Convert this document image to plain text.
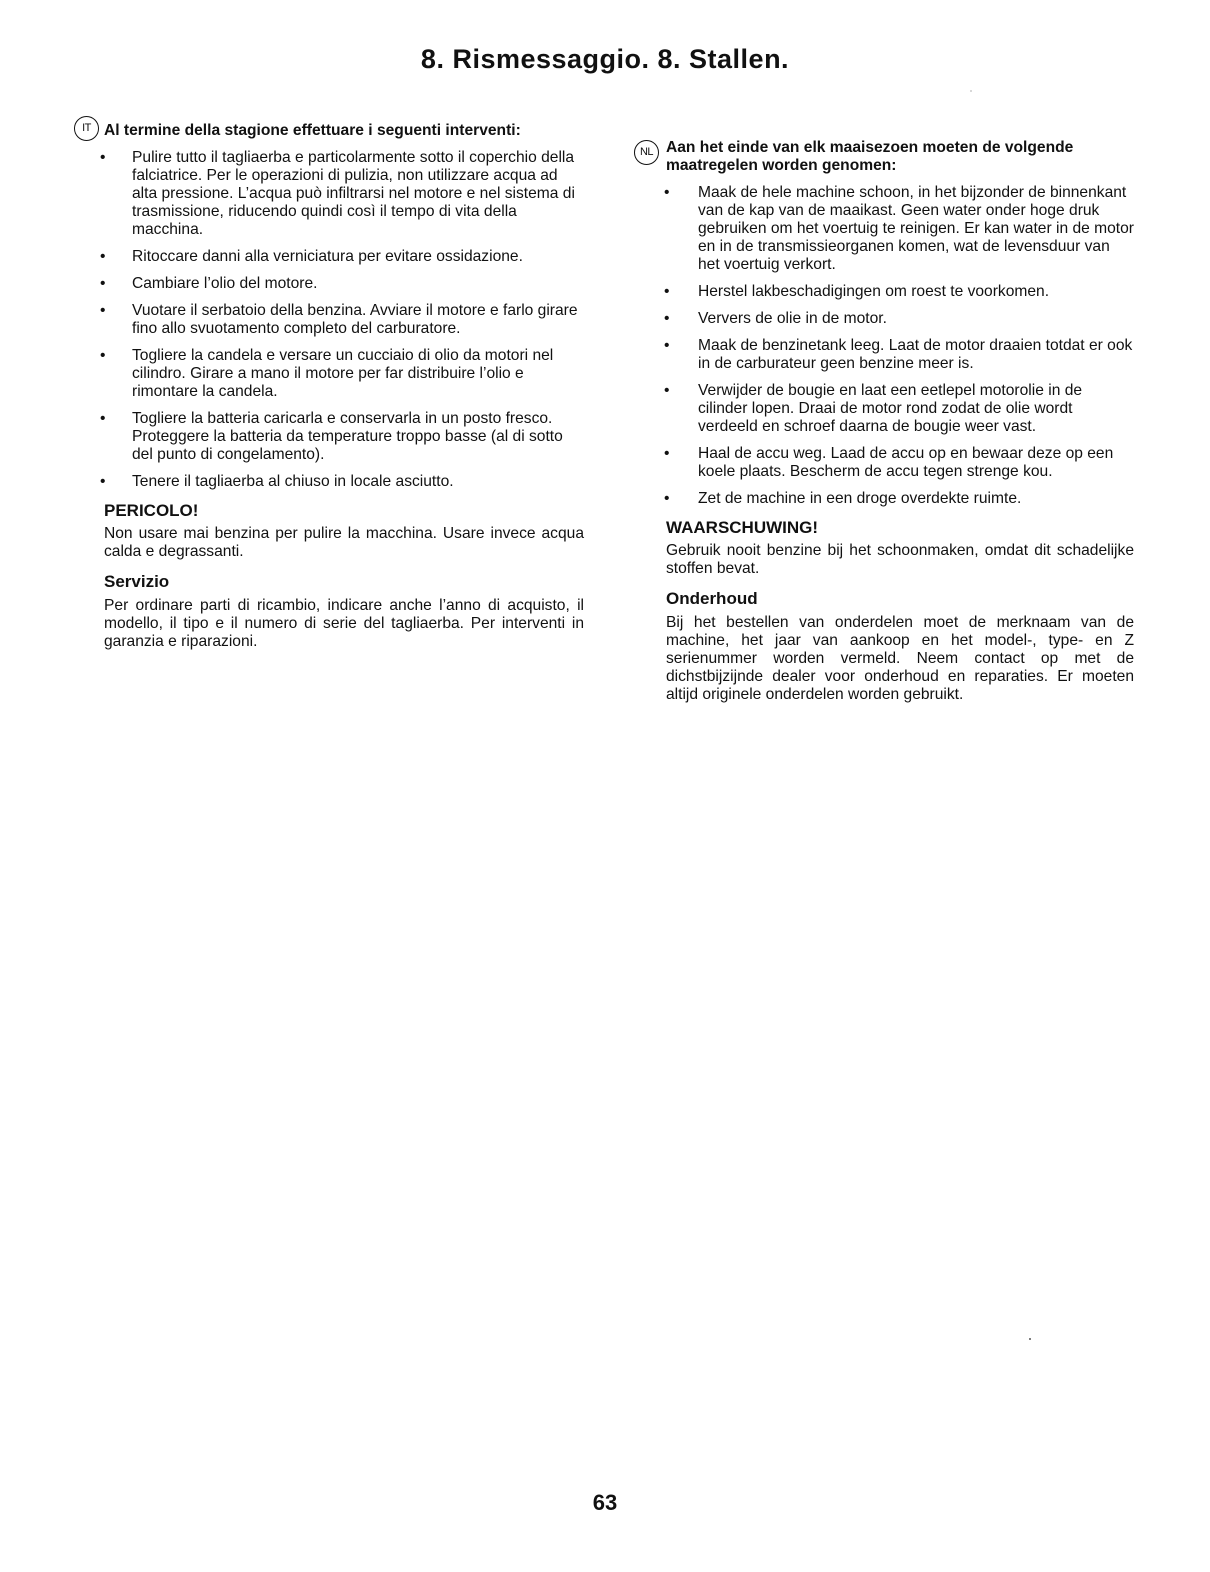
8. Rismessaggio. 8. Stallen.

IT Al termine della stagione effettuare i seguenti interventi:

• Pulire tutto il tagliaerba e particolarmente sotto il coperchio della falciatrice. Per le operazioni di pulizia, non utilizzare acqua ad alta pressione. L’acqua può infiltrarsi nel motore e nel sistema di trasmissione, riducendo quindi così il tempo di vita della macchina.
• Ritoccare danni alla verniciatura per evitare ossidazione.
• Cambiare l’olio del motore.
• Vuotare il serbatoio della benzina. Avviare il motore e farlo girare fino allo svuotamento completo del carburatore.
• Togliere la candela e versare un cucciaio di olio da motori nel cilindro. Girare a mano il motore per far distribuire l’olio e rimontare la candela.
• Togliere la batteria caricarla e conservarla in un posto fresco. Proteggere la batteria da temperature troppo basse (al di sotto del punto di congelamento).
• Tenere il tagliaerba al chiuso in locale asciutto.
PERICOLO!

Non usare mai benzina per pulire la macchina. Usare invece acqua calda e degrassanti.

Servizio

Per ordinare parti di ricambio, indicare anche l’anno di acquisto, il modello, il tipo e il numero di serie del tagliaerba. Per interventi in garanzia e riparazioni.

NL Aan het einde van elk maaisezoen moeten de volgende maatregelen worden genomen:

• Maak de hele machine schoon, in het bijzonder de binnenkant van de kap van de maaikast. Geen water onder hoge druk gebruiken om het voertuig te reinigen. Er kan water in de motor en in de transmissieorganen komen, wat de levensduur van het voertuig verkort.
• Herstel lakbeschadigingen om roest te voorkomen.
• Ververs de olie in de motor.
• Maak de benzinetank leeg. Laat de motor draaien totdat er ook in de carburateur geen benzine meer is.
• Verwijder de bougie en laat een eetlepel motorolie in de cilinder lopen. Draai de motor rond zodat de olie wordt verdeeld en schroef daarna de bougie weer vast.
• Haal de accu weg. Laad de accu op en bewaar deze op een koele plaats. Bescherm de accu tegen strenge kou.
• Zet de machine in een droge overdekte ruimte.
WAARSCHUWING!

Gebruik nooit benzine bij het schoonmaken, omdat dit schadelijke stoffen bevat.

Onderhoud

Bij het bestellen van onderdelen moet de merknaam van de machine, het jaar van aankoop en het model-, type- en Z serienummer worden vermeld. Neem contact op met de dichstbijzijnde dealer voor onderhoud en reparaties. Er moeten altijd originele onderdelen worden gebruikt.

63
